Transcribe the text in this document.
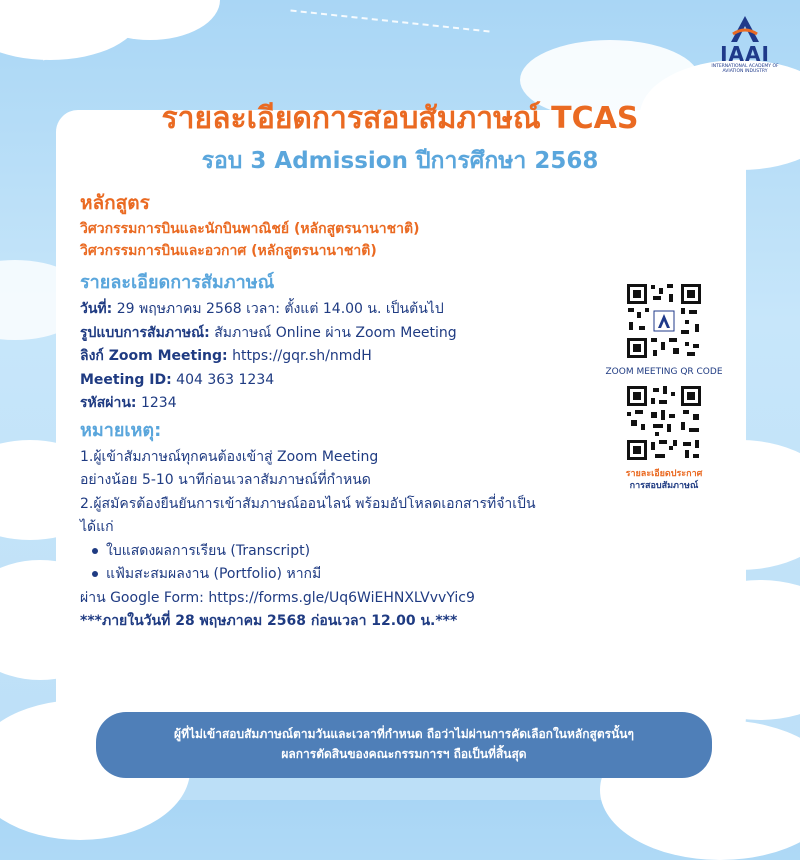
IAAI
INTERNATIONAL ACADEMY OF AVIATION INDUSTRY
รายละเอียดการสอบสัมภาษณ์ TCAS
รอบ 3 Admission ปีการศึกษา 2568
หลักสูตร
วิศวกรรมการบินและนักบินพาณิชย์ (หลักสูตรนานาชาติ)
วิศวกรรมการบินและอวกาศ (หลักสูตรนานาชาติ)
รายละเอียดการสัมภาษณ์
วันที่: 29 พฤษภาคม 2568 เวลา: ตั้งแต่ 14.00 น. เป็นต้นไป
รูปแบบการสัมภาษณ์: สัมภาษณ์ Online ผ่าน Zoom Meeting
ลิงก์ Zoom Meeting: https://gqr.sh/nmdH
Meeting ID: 404 363 1234
รหัสผ่าน: 1234
หมายเหตุ:
1.ผู้เข้าสัมภาษณ์ทุกคนต้องเข้าสู่ Zoom Meeting
อย่างน้อย 5-10 นาทีก่อนเวลาสัมภาษณ์ที่กำหนด
2.ผู้สมัครต้องยืนยันการเข้าสัมภาษณ์ออนไลน์ พร้อมอัปโหลดเอกสารที่จำเป็น
ได้แก่
ใบแสดงผลการเรียน (Transcript)
แฟ้มสะสมผลงาน (Portfolio) หากมี
ผ่าน Google Form: https://forms.gle/Uq6WiEHNXLVvvYic9
***ภายในวันที่ 28 พฤษภาคม 2568 ก่อนเวลา 12.00 น.***
ZOOM MEETING QR CODE
รายละเอียดประกาศ
การสอบสัมภาษณ์
ผู้ที่ไม่เข้าสอบสัมภาษณ์ตามวันและเวลาที่กำหนด ถือว่าไม่ผ่านการคัดเลือกในหลักสูตรนั้นๆ
ผลการตัดสินของคณะกรรมการฯ ถือเป็นที่สิ้นสุด
